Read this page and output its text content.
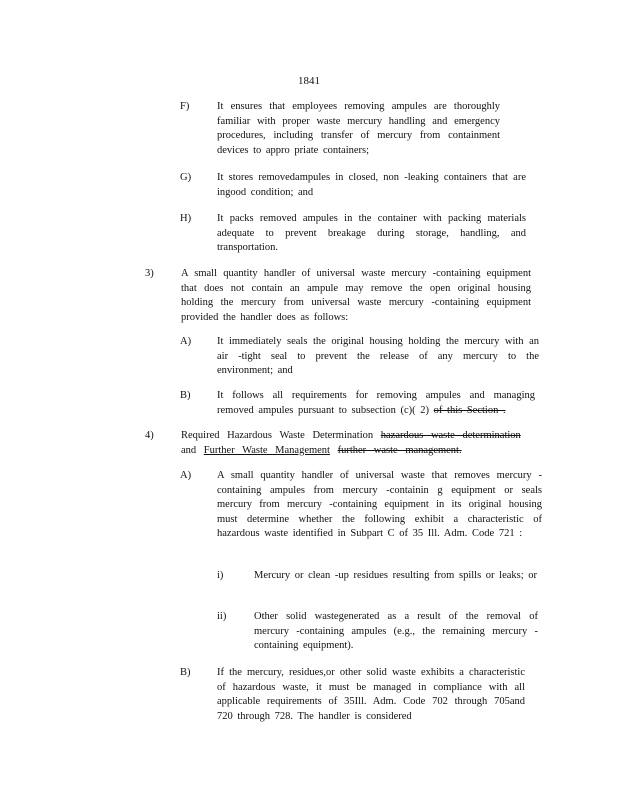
1841
F)	It ensures that employees removing ampules are thoroughly familiar with proper waste mercury handling and emergency procedures, including transfer of mercury from containment devices to appro priate containers;
G)	It stores removedampules in closed, non -leaking containers that are ingood condition; and
H)	It packs removed ampules in the container with packing materials adequate to prevent breakage during storage, handling, and transportation.
3)	A small quantity handler of universal waste mercury -containing equipment that does not contain an ampule may remove the open original housing holding the mercury from universal waste mercury -containing equipment provided the handler does as follows:
A)	It immediately seals the original housing holding the mercury with an air -tight seal to prevent the release of any mercury to the environment; and
B)	It follows all requirements for removing ampules and managing removed ampules pursuant to subsection (c)( 2) of this Section .
4)	Required Hazardous Waste Determination hazardous waste determination
and Further Waste Management further waste management.
A)	A small quantity handler of universal waste that removes mercury -containing ampules from mercury -containin g equipment or seals mercury from mercury -containing equipment in its original housing must determine whether the following exhibit a characteristic of hazardous waste identified in Subpart C of 35 Ill. Adm. Code 721 :
i)	Mercury or clean -up residues resulting from spills or leaks; or
ii)	Other solid wastegenerated as a result of the removal of mercury -containing ampules (e.g., the remaining mercury -containing equipment).
B)	If the mercury, residues,or other solid waste exhibits a characteristic of hazardous waste, it must be managed in compliance with all applicable requirements of 35Ill. Adm. Code 702 through 705and 720 through 728. The handler is considered
